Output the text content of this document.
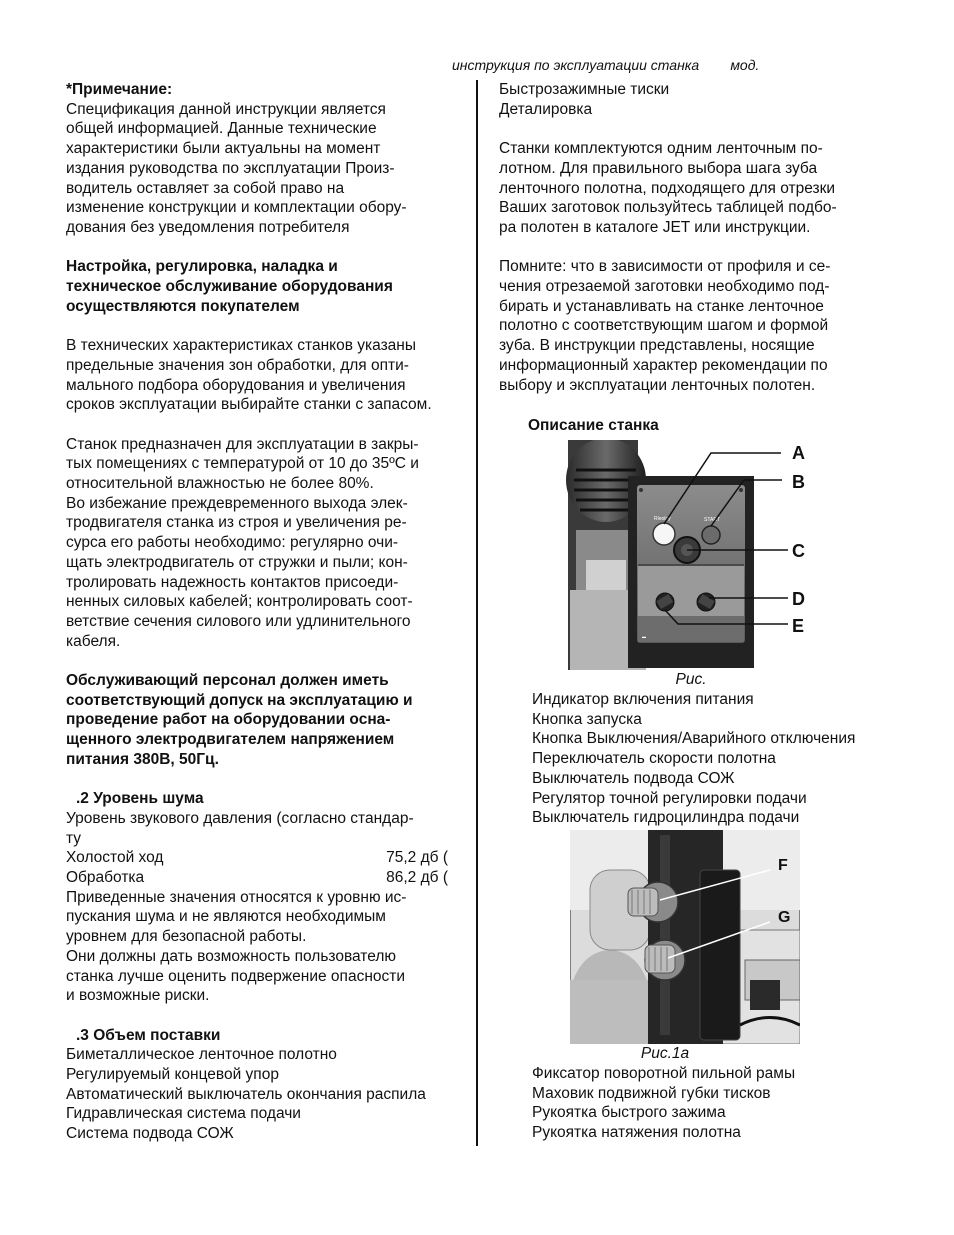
инструкция по эксплуатации станка мод.
*Примечание:
Спецификация данной инструкции является
общей информацией. Данные технические
характеристики были актуальны на момент
издания руководства по эксплуатации Произ-
водитель оставляет за собой право на
изменение конструкции и комплектации обору-
дования без уведомления потребителя
Настройка, регулировка, наладка и
техническое обслуживание оборудования
осуществляются покупателем
В технических характеристиках станков указаны
предельные значения зон обработки, для опти-
мального подбора оборудования и увеличения
сроков эксплуатации выбирайте станки с запасом.
Cтанок предназначен для эксплуатации в закры-
тых помещениях с температурой от 10 до 35ºС и
относительной влажностью не более 80%.
Во избежание преждевременного выхода элек-
тродвигателя станка из строя и увеличения ре-
сурса его работы необходимо: регулярно очи-
щать электродвигатель от стружки и пыли; кон-
тролировать надежность контактов присоеди-
ненных силовых кабелей; контролировать соот-
ветствие сечения силового или удлинительного
кабеля.
Обслуживающий персонал должен иметь
соответствующий допуск на эксплуатацию и
проведение работ на оборудовании осна-
щенного электродвигателем напряжением
питания 380В, 50Гц.
.2 Уровень шума
Уровень звукового давления (согласно стандар-
ту
Холостой ход	75,2 дб (
Обработка	86,2 дб (
Приведенные значения относятся к уровню ис-
пускания шума и не являются необходимым
уровнем для безопасной работы.
Они должны дать возможность пользователю
станка лучше оценить подвержение опасности
и возможные риски.
.3 Объем поставки
Биметаллическое ленточное полотно
Регулируемый концевой упор
Автоматический выключатель окончания распила
Гидравлическая система подачи
Система подвода СОЖ
Быстрозажимные тиски
Деталировка
Станки комплектуются одним ленточным по-
лотном. Для правильного выбора шага зуба
ленточного полотна, подходящего для отрезки
Ваших заготовок пользуйтесь таблицей подбо-
ра полотен в каталоге JET или инструкции.
Помните: что в зависимости от профиля и се-
чения отрезаемой заготовки необходимо под-
бирать и устанавливать на станке ленточное
полотно с соответствующим шагом и формой
зуба. В инструкции представлены, носящие
информационный характер рекомендации по
выбору и эксплуатации ленточных полотен.
Описание станка
Rleolny	START
▬
A
B
C
D
E
Рис.
Индикатор включения питания
Кнопка запуска
Кнопка Выключения/Аварийного отключения
Переключатель скорости полотна
Выключатель подвода СОЖ
Регулятор точной регулировки подачи
Выключатель гидроцилиндра подачи
F
G
Рис.1а
Фиксатор поворотной пильной рамы
Маховик подвижной губки тисков
Рукоятка быстрого зажима
Рукоятка натяжения полотна
